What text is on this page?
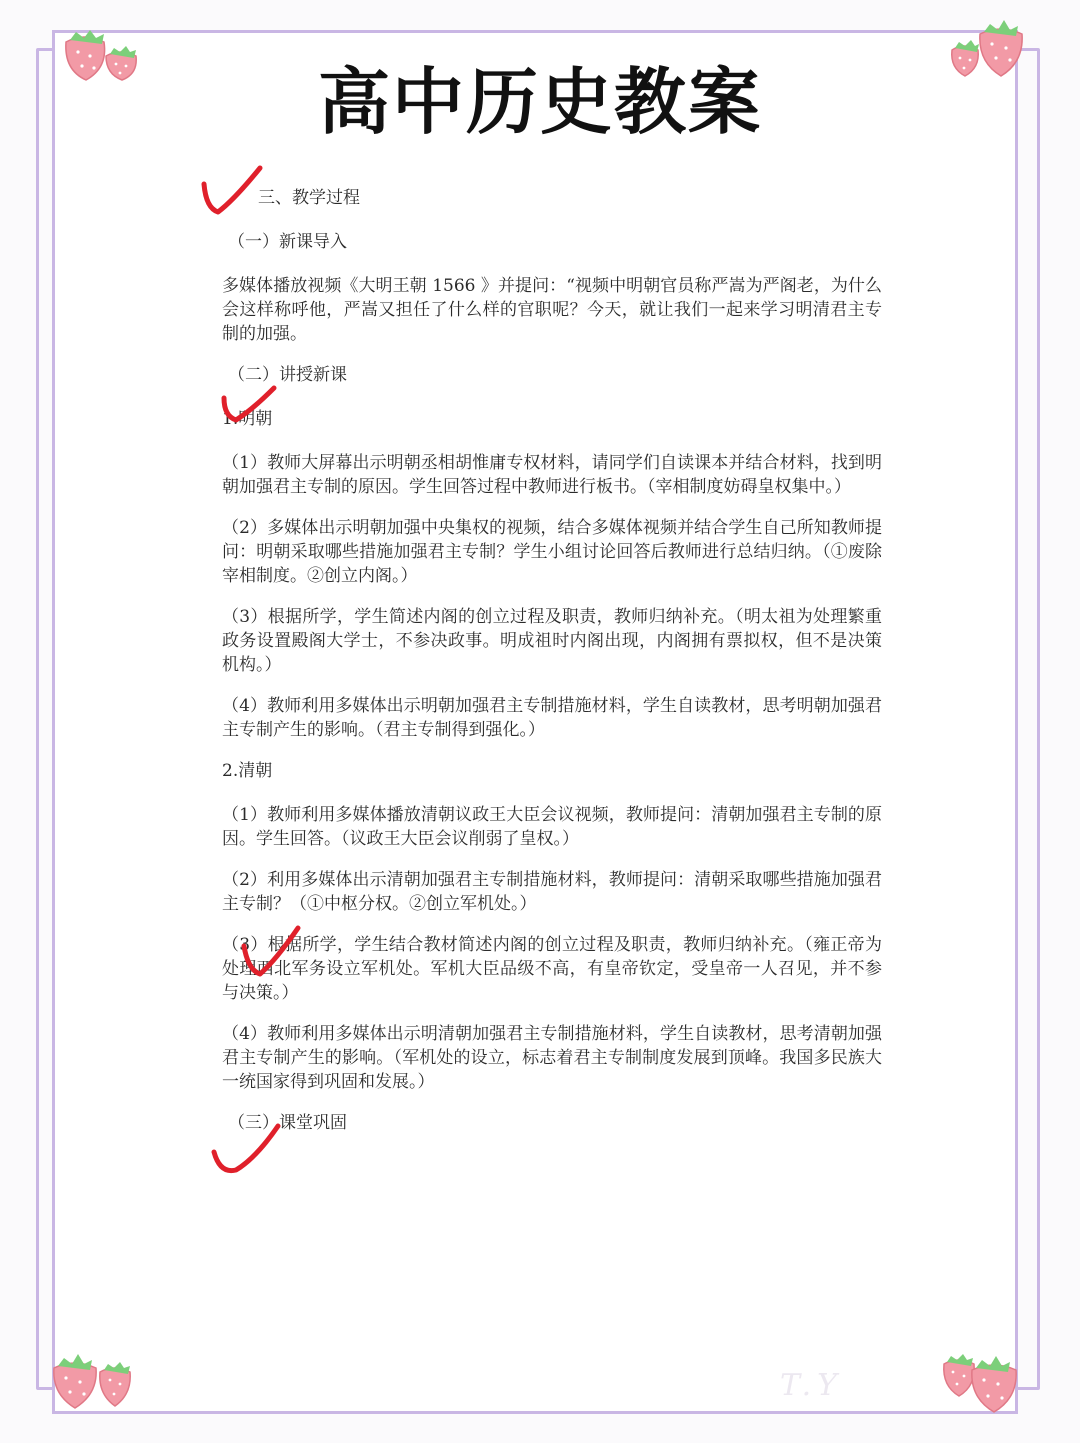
高中历史教案
三、教学过程
（一）新课导入

多媒体播放视频《大明王朝 1566 》并提问：“视频中明朝官员称严嵩为严阁老，为什么会这样称呼他，严嵩又担任了什么样的官职呢？今天，就让我们一起来学习明清君主专制的加强。

（二）讲授新课
1.明朝

（1）教师大屏幕出示明朝丞相胡惟庸专权材料，请同学们自读课本并结合材料，找到明朝加强君主专制的原因。学生回答过程中教师进行板书。（宰相制度妨碍皇权集中。）

（2）多媒体出示明朝加强中央集权的视频，结合多媒体视频并结合学生自己所知教师提问：明朝采取哪些措施加强君主专制？学生小组讨论回答后教师进行总结归纳。（①废除宰相制度。②创立内阁。）

（3）根据所学，学生简述内阁的创立过程及职责，教师归纳补充。（明太祖为处理繁重政务设置殿阁大学士，不参决政事。明成祖时内阁出现，内阁拥有票拟权，但不是决策机构。）

（4）教师利用多媒体出示明朝加强君主专制措施材料，学生自读教材，思考明朝加强君主专制产生的影响。（君主专制得到强化。）

2.清朝

（1）教师利用多媒体播放清朝议政王大臣会议视频，教师提问：清朝加强君主专制的原因。学生回答。（议政王大臣会议削弱了皇权。）

（2）利用多媒体出示清朝加强君主专制措施材料，教师提问：清朝采取哪些措施加强君主专制？（①中枢分权。②创立军机处。）

（3）根据所学，学生结合教材简述内阁的创立过程及职责，教师归纳补充。（雍正帝为处理西北军务设立军机处。军机大臣品级不高，有皇帝钦定，受皇帝一人召见，并不参与决策。）

（4）教师利用多媒体出示明清朝加强君主专制措施材料，学生自读教材，思考清朝加强君主专制产生的影响。（军机处的设立，标志着君主专制制度发展到顶峰。我国多民族大一统国家得到巩固和发展。）

（三）课堂巩固
T.Y
